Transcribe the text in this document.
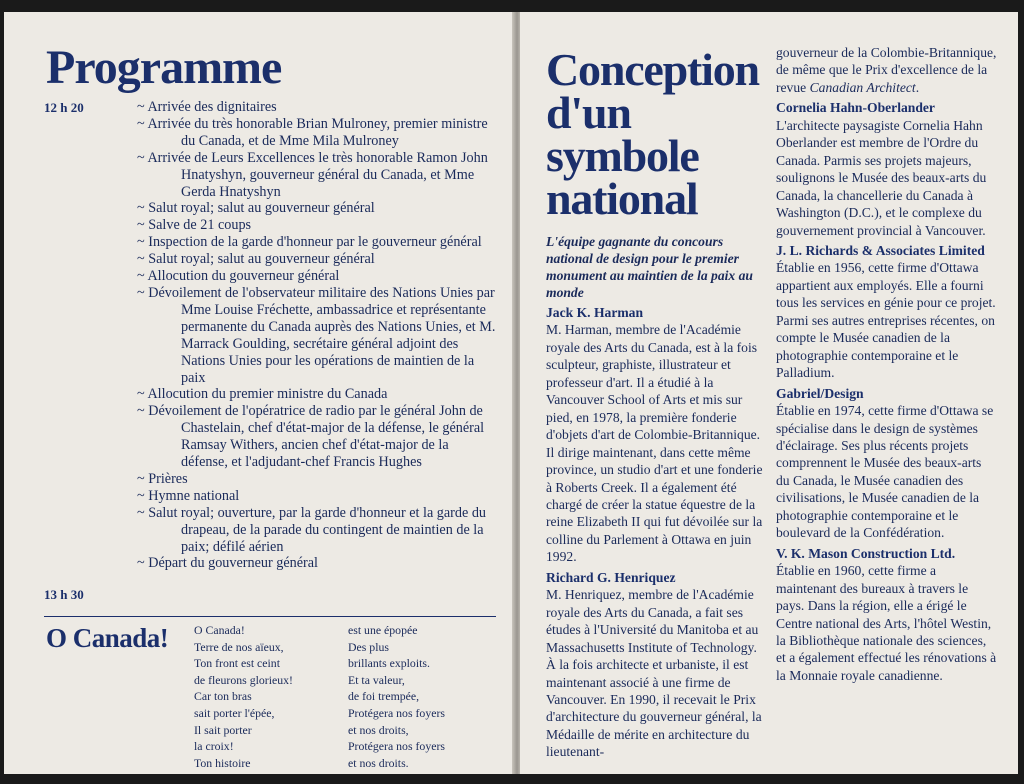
Programme
12 h 20
13 h 30
~ Arrivée des dignitaires
~ Arrivée du très honorable Brian Mulroney, premier ministre du Canada, et de Mme Mila Mulroney
~ Arrivée de Leurs Excellences le très honorable Ramon John Hnatyshyn, gouverneur général du Canada, et Mme Gerda Hnatyshyn
~ Salut royal; salut au gouverneur général
~ Salve de 21 coups
~ Inspection de la garde d'honneur par le gouverneur général
~ Salut royal; salut au gouverneur général
~ Allocution du gouverneur général
~ Dévoilement de l'observateur militaire des Nations Unies par Mme Louise Fréchette, ambassadrice et représentante permanente du Canada auprès des Nations Unies, et M. Marrack Goulding, secrétaire général adjoint des Nations Unies pour les opérations de maintien de la paix
~ Allocution du premier ministre du Canada
~ Dévoilement de l'opératrice de radio par le général John de Chastelain, chef d'état-major de la défense, le général Ramsay Withers, ancien chef d'état-major de la défense, et l'adjudant-chef Francis Hughes
~ Prières
~ Hymne national
~ Salut royal; ouverture, par la garde d'honneur et la garde du drapeau, de la parade du contingent de maintien de la paix; défilé aérien
~ Départ du gouverneur général
O Canada! O Canada!
Terre de nos aïeux,
Ton front est ceint
de fleurons glorieux!
Car ton bras
sait porter l'épée,
Il sait porter
la croix!
Ton histoire
est une épopée
Des plus
brillants exploits.
Et ta valeur,
de foi trempée,
Protégera nos foyers
et nos droits,
Protégera nos foyers
et nos droits.
Conception
d'un
symbole
national
L'équipe gagnante du concours national de design pour le premier monument au maintien de la paix au monde
Jack K. Harman

M. Harman, membre de l'Académie royale des Arts du Canada, est à la fois sculpteur, graphiste, illustrateur et professeur d'art. Il a étudié à la Vancouver School of Arts et mis sur pied, en 1978, la première fonderie d'objets d'art de Colombie-Britannique. Il dirige maintenant, dans cette même province, un studio d'art et une fonderie à Roberts Creek. Il a également été chargé de créer la statue équestre de la reine Elizabeth II qui fut dévoilée sur la colline du Parlement à Ottawa en juin 1992.

Richard G. Henriquez

M. Henriquez, membre de l'Académie royale des Arts du Canada, a fait ses études à l'Université du Manitoba et au Massachusetts Institute of Technology. À la fois architecte et urbaniste, il est maintenant associé à une firme de Vancouver. En 1990, il recevait le Prix d'architecture du gouverneur général, la Médaille de mérite en architecture du lieutenant-

gouverneur de la Colombie-Britannique, de même que le Prix d'excellence de la revue Canadian Architect.

Cornelia Hahn-Oberlander

L'architecte paysagiste Cornelia Hahn Oberlander est membre de l'Ordre du Canada. Parmis ses projets majeurs, soulignons le Musée des beaux-arts du Canada, la chancellerie du Canada à Washington (D.C.), et le complexe du gouvernement provincial à Vancouver.

J. L. Richards & Associates Limited

Établie en 1956, cette firme d'Ottawa appartient aux employés. Elle a fourni tous les services en génie pour ce projet. Parmi ses autres entreprises récentes, on compte le Musée canadien de la photographie contemporaine et le Palladium.

Gabriel/Design

Établie en 1974, cette firme d'Ottawa se spécialise dans le design de systèmes d'éclairage. Ses plus récents projets comprennent le Musée des beaux-arts du Canada, le Musée canadien des civilisations, le Musée canadien de la photographie contemporaine et le boulevard de la Confédération.

V. K. Mason Construction Ltd.

Établie en 1960, cette firme a maintenant des bureaux à travers le pays. Dans la région, elle a érigé le Centre national des Arts, l'hôtel Westin, la Bibliothèque nationale des sciences, et a également effectué les rénovations à la Monnaie royale canadienne.
